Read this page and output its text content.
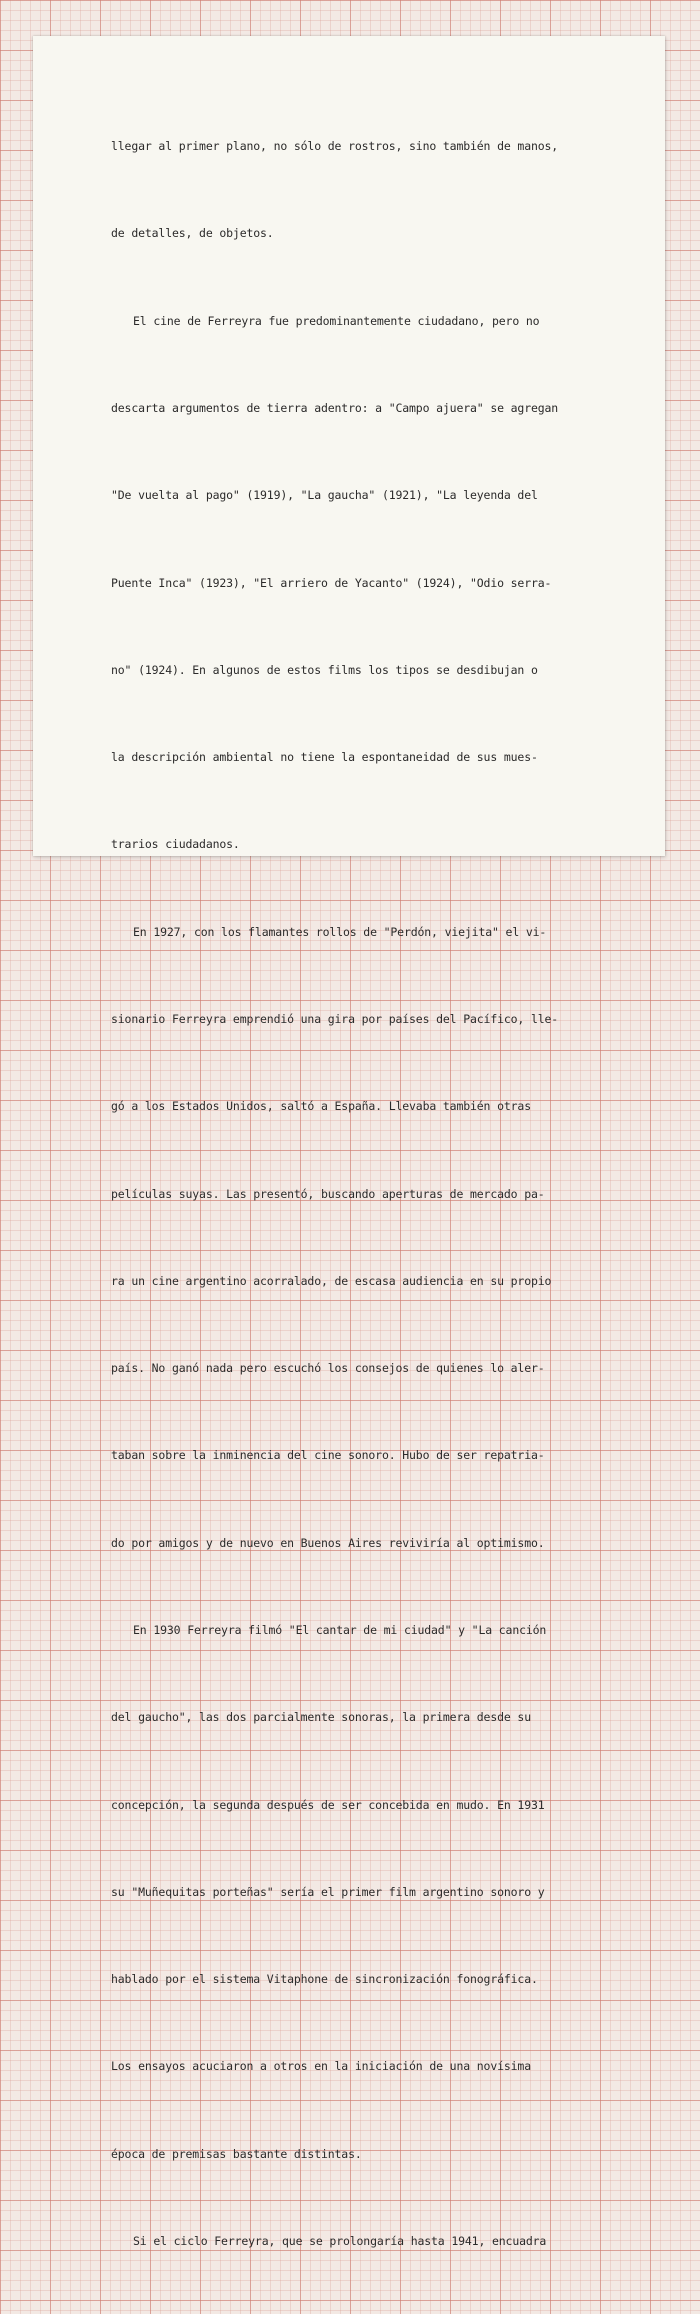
llegar al primer plano, no sólo de rostros, sino también de manos,

de detalles, de objetos.

El cine de Ferreyra fue predominantemente ciudadano, pero no

descarta argumentos de tierra adentro: a "Campo ajuera" se agregan

"De vuelta al pago" (1919), "La gaucha" (1921), "La leyenda del

Puente Inca" (1923), "El arriero de Yacanto" (1924), "Odio serra-

no" (1924). En algunos de estos films los tipos se desdibujan o

la descripción ambiental no tiene la espontaneidad de sus mues-

trarios ciudadanos.

En 1927, con los flamantes rollos de "Perdón, viejita" el vi-

sionario Ferreyra emprendió una gira por países del Pacífico, lle-

gó a los Estados Unidos, saltó a España. Llevaba también otras

películas suyas. Las presentó, buscando aperturas de mercado pa-

ra un cine argentino acorralado, de escasa audiencia en su propio

país. No ganó nada pero escuchó los consejos de quienes lo aler-

taban sobre la inminencia del cine sonoro. Hubo de ser repatria-

do por amigos y de nuevo en Buenos Aires reviviría al optimismo.

En 1930 Ferreyra filmó "El cantar de mi ciudad" y "La canción

del gaucho", las dos parcialmente sonoras, la primera desde su

concepción, la segunda después de ser concebida en mudo. En 1931

su "Muñequitas porteñas" sería el primer film argentino sonoro y

hablado por el sistema Vitaphone de sincronización fonográfica.

Los ensayos acuciaron a otros en la iniciación de una novísima

época de premisas bastante distintas.

Si el ciclo Ferreyra, que se prolongaría hasta 1941, encuadra
